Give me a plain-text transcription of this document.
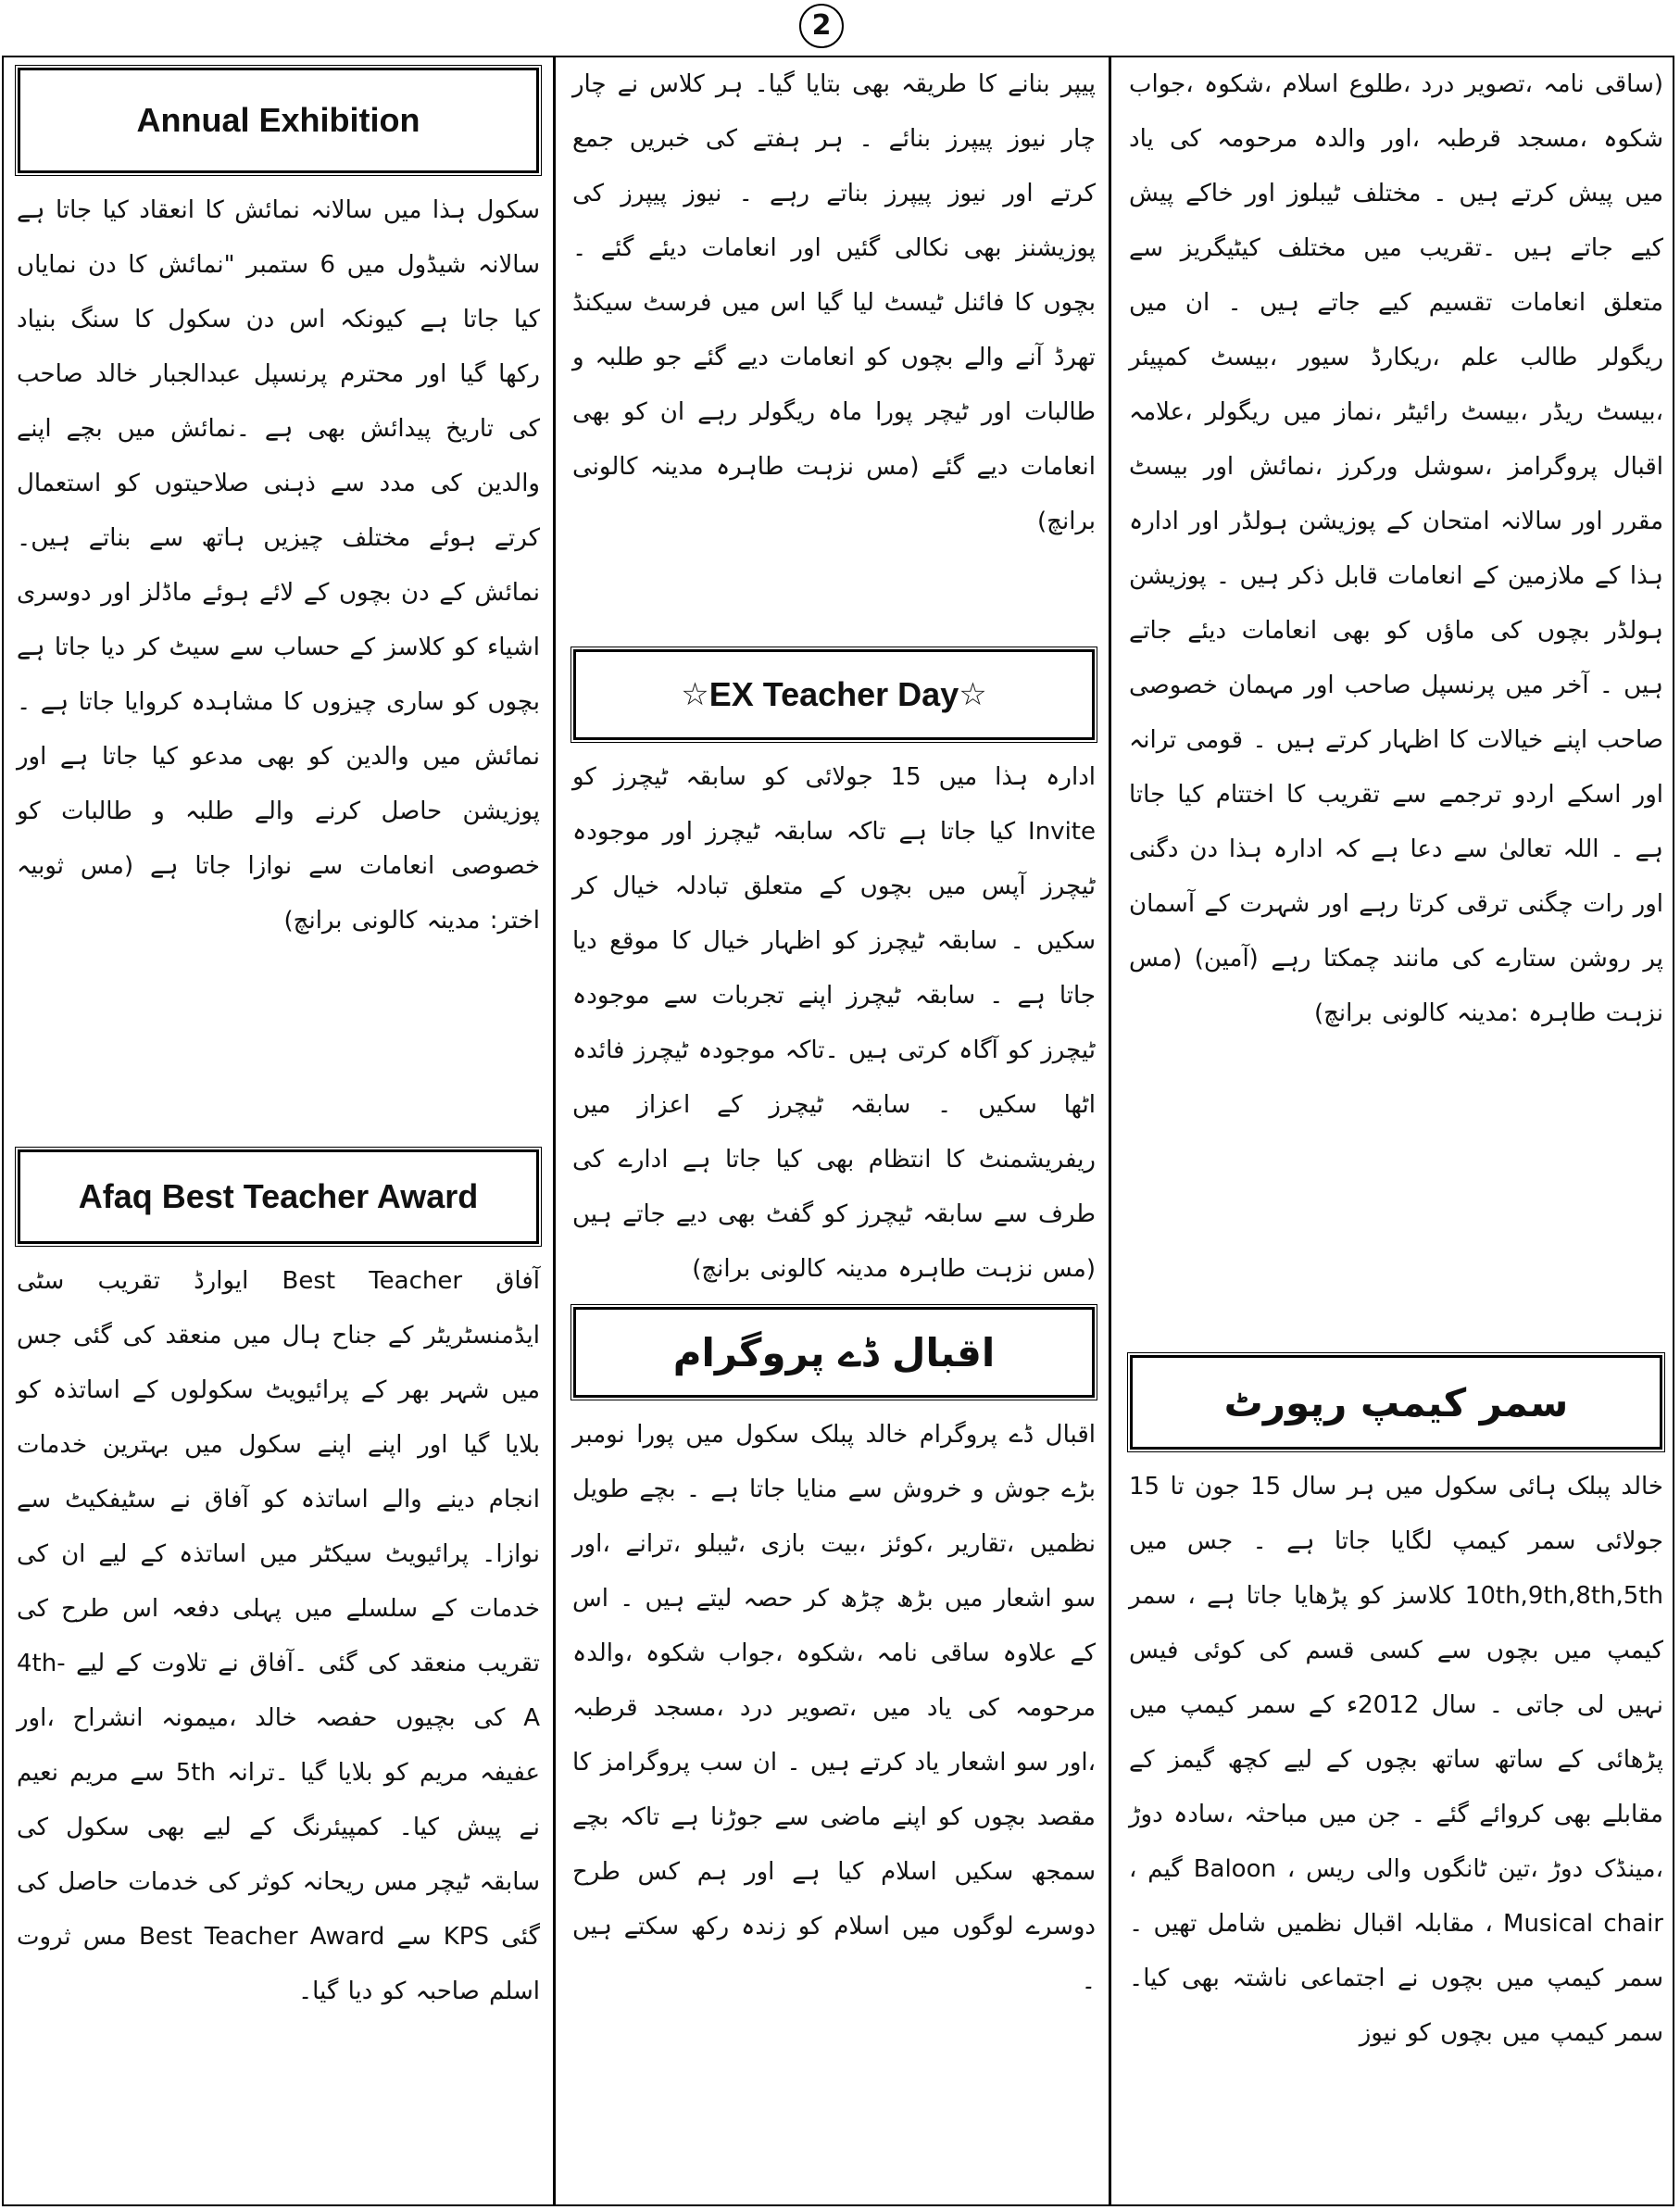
2
Annual Exhibition

سکول ہذا میں سالانہ نمائش کا انعقاد کیا جاتا ہے سالانہ شیڈول میں 6 ستمبر "نمائش کا دن نمایاں کیا جاتا ہے کیونکہ اس دن سکول کا سنگ بنیاد رکھا گیا اور محترم پرنسپل عبدالجبار خالد صاحب کی تاریخ پیدائش بھی ہے ۔نمائش میں بچے اپنے والدین کی مدد سے ذہنی صلاحیتوں کو استعمال کرتے ہوئے مختلف چیزیں ہاتھ سے بناتے ہیں۔نمائش کے دن بچوں کے لائے ہوئے ماڈلز اور دوسری اشیاء کو کلاسز کے حساب سے سیٹ کر دیا جاتا ہے بچوں کو ساری چیزوں کا مشاہدہ کروایا جاتا ہے ۔نمائش میں والدین کو بھی مدعو کیا جاتا ہے اور پوزیشن حاصل کرنے والے طلبہ و طالبات کو خصوصی انعامات سے نوازا جاتا ہے (مس ثوبیہ اختر: مدینہ کالونی برانچ)

Afaq Best Teacher Award

آفاق Best Teacher ایوارڈ تقریب سٹی ایڈمنسٹریٹر کے جناح ہال میں منعقد کی گئی جس میں شہر بھر کے پرائیویٹ سکولوں کے اساتذہ کو بلایا گیا اور اپنے اپنے سکول میں بہترین خدمات انجام دینے والے اساتذہ کو آفاق نے سٹیفکیٹ سے نوازا۔ پرائیویٹ سیکٹر میں اساتذہ کے لیے ان کی خدمات کے سلسلے میں پہلی دفعہ اس طرح کی تقریب منعقد کی گئی ۔آفاق نے تلاوت کے لیے 4th-A کی بچیوں حفصہ خالد ،میمونہ انشراح ،اور عفیفہ مریم کو بلایا گیا ۔ترانہ 5th سے مریم نعیم نے پیش کیا۔ کمپیئرنگ کے لیے بھی سکول کی سابقہ ٹیچر مس ریحانہ کوثر کی خدمات حاصل کی گئی KPS سے Best Teacher Award مس ثروت اسلم صاحبہ کو دیا گیا۔

پیپر بنانے کا طریقہ بھی بتایا گیا۔ ہر کلاس نے چار چار نیوز پیپرز بنائے ۔ ہر ہفتے کی خبریں جمع کرتے اور نیوز پیپرز بناتے رہے ۔ نیوز پیپرز کی پوزیشنز بھی نکالی گئیں اور انعامات دیئے گئے ۔ بچوں کا فائنل ٹیسٹ لیا گیا اس میں فرسٹ سیکنڈ تھرڈ آنے والے بچوں کو انعامات دیے گئے جو طلبہ و طالبات اور ٹیچر پورا ماہ ریگولر رہے ان کو بھی انعامات دیے گئے (مس نزہت طاہرہ مدینہ کالونی برانچ)

☆ EX Teacher Day ☆

ادارہ ہذا میں 15 جولائی کو سابقہ ٹیچرز کو Invite کیا جاتا ہے تاکہ سابقہ ٹیچرز اور موجودہ ٹیچرز آپس میں بچوں کے متعلق تبادلہ خیال کر سکیں ۔ سابقہ ٹیچرز کو اظہار خیال کا موقع دیا جاتا ہے ۔ سابقہ ٹیچرز اپنے تجربات سے موجودہ ٹیچرز کو آگاہ کرتی ہیں ۔تاکہ موجودہ ٹیچرز فائدہ اٹھا سکیں ۔ سابقہ ٹیچرز کے اعزاز میں ریفریشمنٹ کا انتظام بھی کیا جاتا ہے ادارے کی طرف سے سابقہ ٹیچرز کو گفٹ بھی دیے جاتے ہیں (مس نزہت طاہرہ مدینہ کالونی برانچ)

اقبال ڈے پروگرام

اقبال ڈے پروگرام خالد پبلک سکول میں پورا نومبر بڑے جوش و خروش سے منایا جاتا ہے ۔ بچے طویل نظمیں ،تقاریر ،کوئز ،بیت بازی ،ٹیبلو ،ترانے ،اور سو اشعار میں بڑھ چڑھ کر حصہ لیتے ہیں ۔ اس کے علاوہ ساقی نامہ ،شکوہ ،جواب شکوہ ،والدہ مرحومہ کی یاد میں ،تصویر درد ،مسجد قرطبہ ،اور سو اشعار یاد کرتے ہیں ۔ ان سب پروگرامز کا مقصد بچوں کو اپنے ماضی سے جوڑنا ہے تاکہ بچے سمجھ سکیں اسلام کیا ہے اور ہم کس طرح دوسرے لوگوں میں اسلام کو زندہ رکھ سکتے ہیں ۔

(ساقی نامہ ،تصویر درد ،طلوع اسلام ،شکوہ ،جواب شکوہ ،مسجد قرطبہ ،اور والدہ مرحومہ کی یاد میں پیش کرتے ہیں ۔ مختلف ٹیبلوز اور خاکے پیش کیے جاتے ہیں ۔تقریب میں مختلف کیٹیگریز سے متعلق انعامات تقسیم کیے جاتے ہیں ۔ ان میں ریگولر طالب علم ،ریکارڈ سیور ،بیسٹ کمپیئر ،بیسٹ ریڈر ،بیسٹ رائیٹر ،نماز میں ریگولر ،علامہ اقبال پروگرامز ،سوشل ورکرز ،نمائش اور بیسٹ مقرر اور سالانہ امتحان کے پوزیشن ہولڈر اور ادارہ ہذا کے ملازمین کے انعامات قابل ذکر ہیں ۔ پوزیشن ہولڈر بچوں کی ماؤں کو بھی انعامات دیئے جاتے ہیں ۔ آخر میں پرنسپل صاحب اور مہمان خصوصی صاحب اپنے خیالات کا اظہار کرتے ہیں ۔ قومی ترانہ اور اسکے اردو ترجمے سے تقریب کا اختتام کیا جاتا ہے ۔ اللہ تعالیٰ سے دعا ہے کہ ادارہ ہذا دن دگنی اور رات چگنی ترقی کرتا رہے اور شہرت کے آسمان پر روشن ستارے کی مانند چمکتا رہے (آمین) (مس نزہت طاہرہ :مدینہ کالونی برانچ)

سمر کیمپ رپورٹ

خالد پبلک ہائی سکول میں ہر سال 15 جون تا 15 جولائی سمر کیمپ لگایا جاتا ہے ۔ جس میں 10th,9th,8th,5th کلاسز کو پڑھایا جاتا ہے ، سمر کیمپ میں بچوں سے کسی قسم کی کوئی فیس نہیں لی جاتی ۔ سال 2012ء کے سمر کیمپ میں پڑھائی کے ساتھ ساتھ بچوں کے لیے کچھ گیمز کے مقابلے بھی کروائے گئے ۔ جن میں مباحثہ ،سادہ دوڑ ،مینڈک دوڑ ،تین ٹانگوں والی ریس ، Baloon گیم ، Musical chair ، مقابلہ اقبال نظمیں شامل تھیں ۔ سمر کیمپ میں بچوں نے اجتماعی ناشتہ بھی کیا۔ سمر کیمپ میں بچوں کو نیوز
